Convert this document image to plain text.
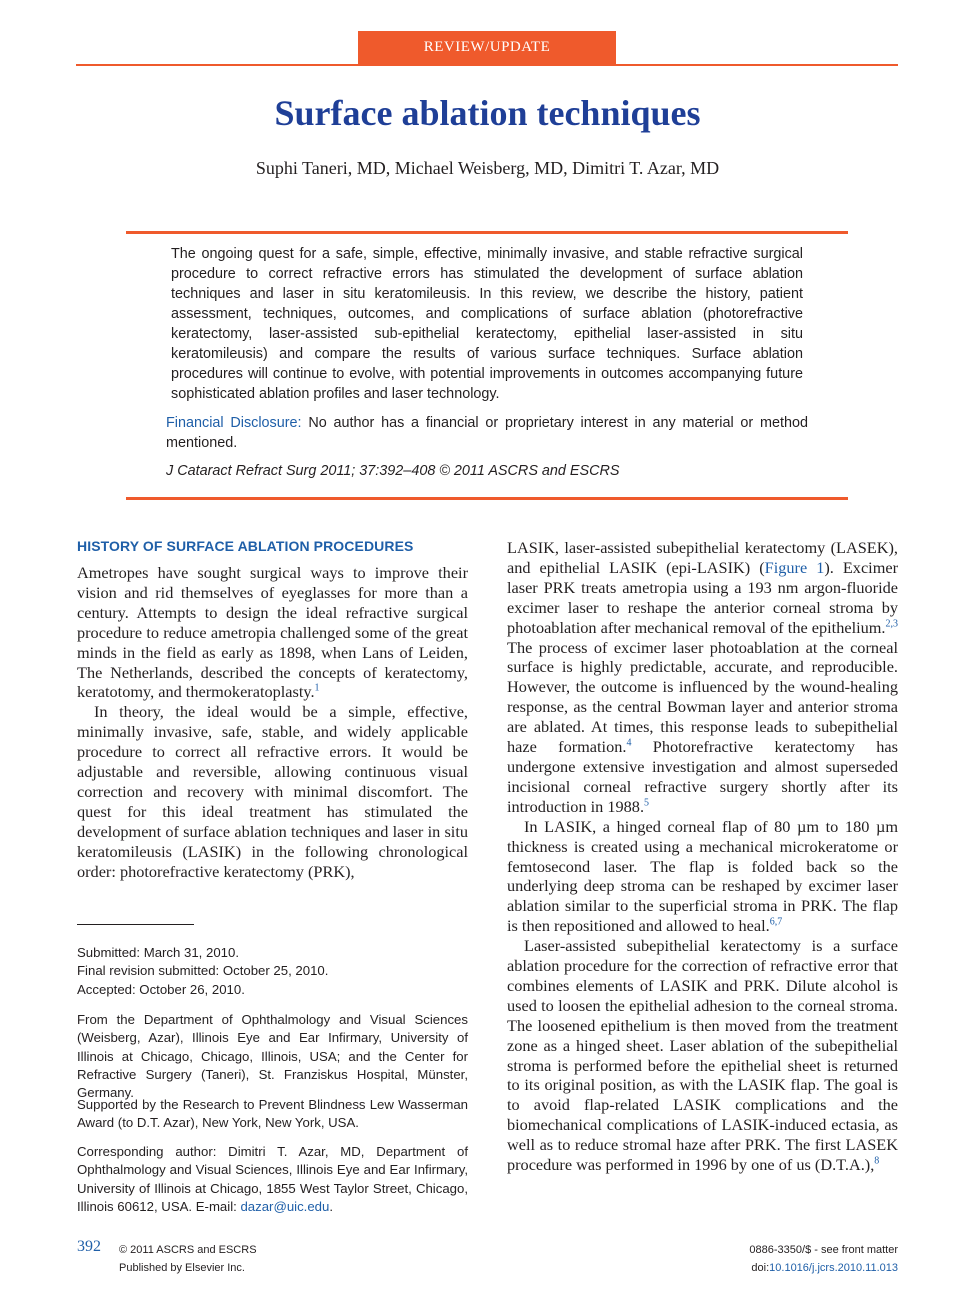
REVIEW/UPDATE
Surface ablation techniques
Suphi Taneri, MD, Michael Weisberg, MD, Dimitri T. Azar, MD
The ongoing quest for a safe, simple, effective, minimally invasive, and stable refractive surgical procedure to correct refractive errors has stimulated the development of surface ablation techniques and laser in situ keratomileusis. In this review, we describe the history, patient assessment, techniques, outcomes, and complications of surface ablation (photorefractive keratectomy, laser-assisted sub-epithelial keratectomy, epithelial laser-assisted in situ keratomileusis) and compare the results of various surface techniques. Surface ablation procedures will continue to evolve, with potential improvements in outcomes accompanying future sophisticated ablation profiles and laser technology.
Financial Disclosure: No author has a financial or proprietary interest in any material or method mentioned.
J Cataract Refract Surg 2011; 37:392–408 © 2011 ASCRS and ESCRS
HISTORY OF SURFACE ABLATION PROCEDURES

Ametropes have sought surgical ways to improve their vision and rid themselves of eyeglasses for more than a century. Attempts to design the ideal refractive surgical procedure to reduce ametropia challenged some of the great minds in the field as early as 1898, when Lans of Leiden, The Netherlands, described the concepts of keratectomy, keratotomy, and thermokeratoplasty.$^1$

In theory, the ideal would be a simple, effective, minimally invasive, safe, stable, and widely applicable procedure to correct all refractive errors. It would be adjustable and reversible, allowing continuous visual correction and recovery with minimal discomfort. The quest for this ideal treatment has stimulated the development of surface ablation techniques and laser in situ keratomileusis (LASIK) in the following chronological order: photorefractive keratectomy (PRK),

Submitted: March 31, 2010.

Final revision submitted: October 25, 2010.

Accepted: October 26, 2010.

From the Department of Ophthalmology and Visual Sciences (Weisberg, Azar), Illinois Eye and Ear Infirmary, University of Illinois at Chicago, Chicago, Illinois, USA; and the Center for Refractive Surgery (Taneri), St. Franziskus Hospital, Münster, Germany.

Supported by the Research to Prevent Blindness Lew Wasserman Award (to D.T. Azar), New York, New York, USA.

Corresponding author: Dimitri T. Azar, MD, Department of Ophthalmology and Visual Sciences, Illinois Eye and Ear Infirmary, University of Illinois at Chicago, 1855 West Taylor Street, Chicago, Illinois 60612, USA. E-mail: dazar@uic.edu.

LASIK, laser-assisted subepithelial keratectomy (LASEK), and epithelial LASIK (epi-LASIK) (Figure 1). Excimer laser PRK treats ametropia using a 193 nm argon-fluoride excimer laser to reshape the anterior corneal stroma by photoablation after mechanical removal of the epithelium.$^{2,3}$ The process of excimer laser photoablation at the corneal surface is highly predictable, accurate, and reproducible. However, the outcome is influenced by the wound-healing response, as the central Bowman layer and anterior stroma are ablated. At times, this response leads to subepithelial haze formation.$^4$ Photorefractive keratectomy has undergone extensive investigation and almost superseded incisional corneal refractive surgery shortly after its introduction in 1988.$^5$

In LASIK, a hinged corneal flap of 80 µm to 180 µm thickness is created using a mechanical microkeratome or femtosecond laser. The flap is folded back so the underlying deep stroma can be reshaped by excimer laser ablation similar to the superficial stroma in PRK. The flap is then repositioned and allowed to heal.$^{6,7}$

Laser-assisted subepithelial keratectomy is a surface ablation procedure for the correction of refractive error that combines elements of LASIK and PRK. Dilute alcohol is used to loosen the epithelial adhesion to the corneal stroma. The loosened epithelium is then moved from the treatment zone as a hinged sheet. Laser ablation of the subepithelial stroma is performed before the epithelial sheet is returned to its original position, as with the LASIK flap. The goal is to avoid flap-related LASIK complications and the biomechanical complications of LASIK-induced ectasia, as well as to reduce stromal haze after PRK. The first LASEK procedure was performed in 1996 by one of us (D.T.A.),$^8$

392 © 2011 ASCRS and ESCRS
Published by Elsevier Inc.
0886-3350/$ - see front matter
doi:10.1016/j.jcrs.2010.11.013
